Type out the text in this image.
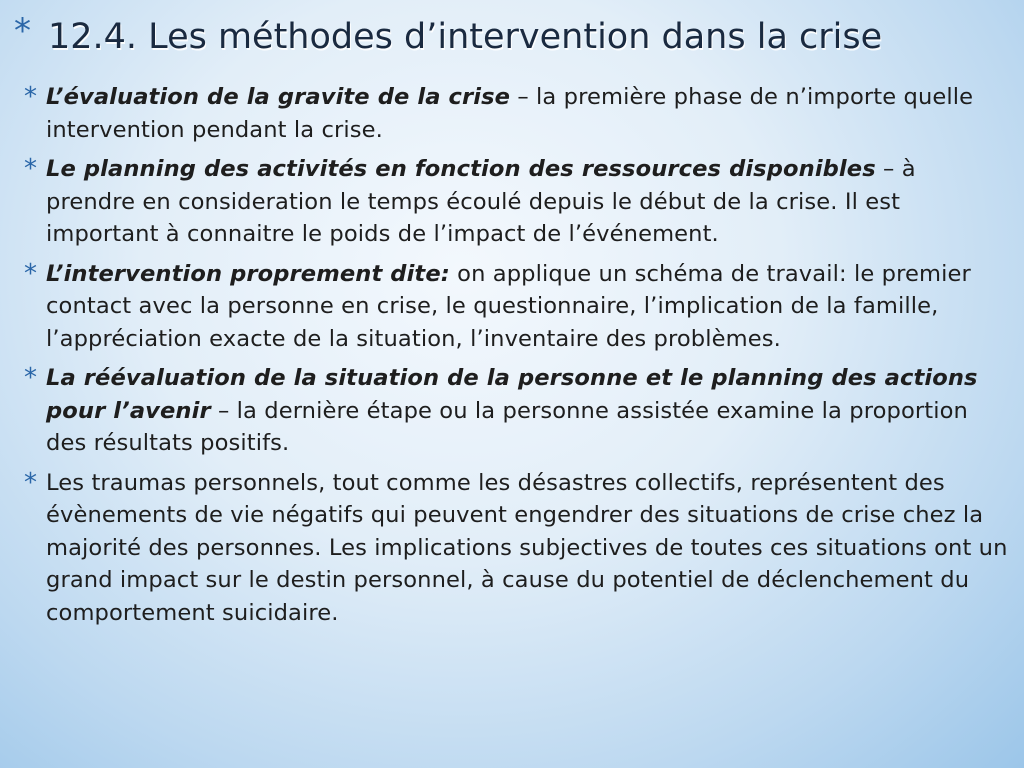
* 12.4. Les méthodes d’intervention dans la crise
* L’évaluation de la gravite de la crise – la première phase de n’importe quelle intervention pendant la crise.
* Le planning des activités en fonction des ressources disponibles – à prendre en consideration le temps écoulé depuis le début de la crise. Il est important à connaitre le poids de l’impact de l’événement.
* L’intervention proprement dite: on applique un schéma de travail: le premier contact avec la personne en crise, le questionnaire, l’implication de la famille, l’appréciation exacte de la situation, l’inventaire des problèmes.
* La réévaluation de la situation de la personne et le planning des actions pour l’avenir – la dernière étape ou la personne assistée examine la proportion des résultats positifs.
* Les traumas personnels, tout comme les désastres collectifs, représentent des évènements de vie négatifs qui peuvent engendrer des situations de crise chez la majorité des personnes. Les implications subjectives de toutes ces situations ont un grand impact sur le destin personnel, à cause du potentiel de déclenchement du comportement suicidaire.
